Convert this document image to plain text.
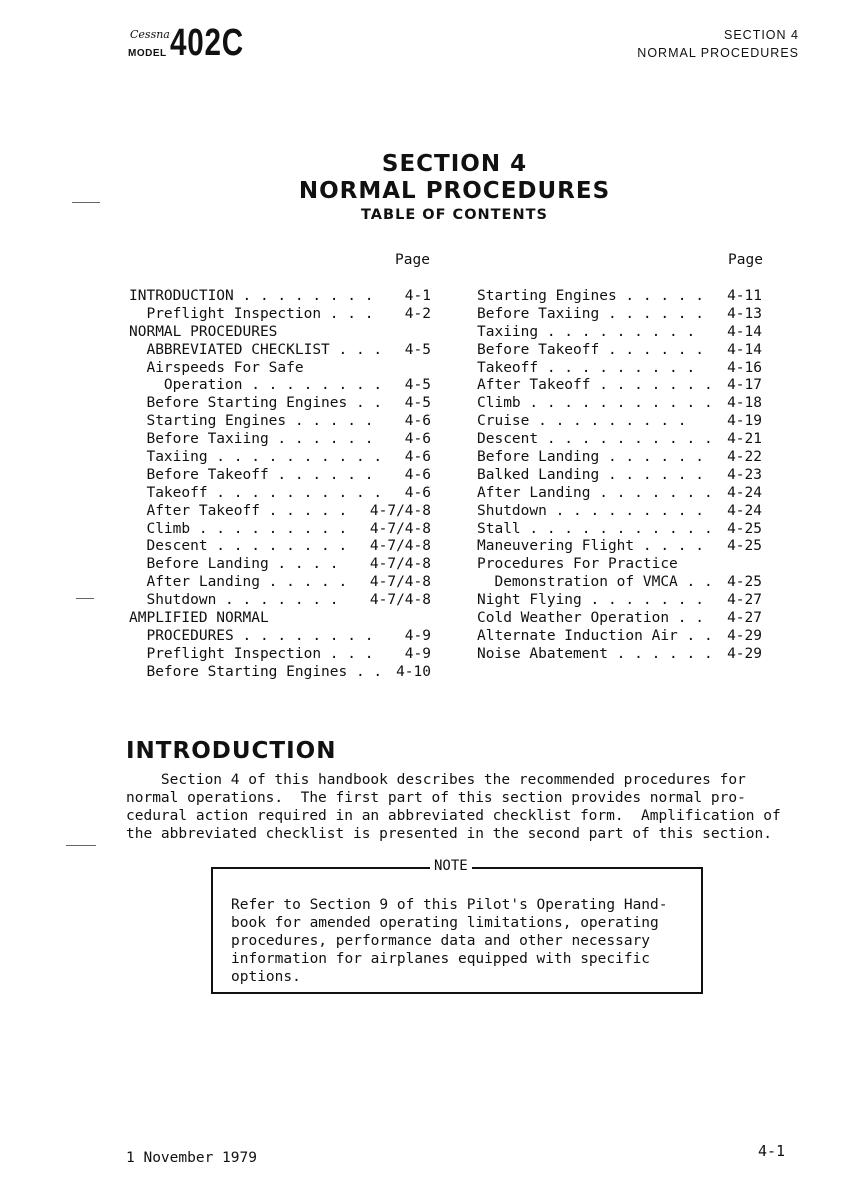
Cessna
MODEL 402C	SECTION 4
NORMAL PROCEDURES
SECTION 4
NORMAL PROCEDURES
TABLE OF CONTENTS
Page	Page
INTRODUCTION . . . . . . . . 4-1
Preflight Inspection . . . 4-2
NORMAL PROCEDURES
ABBREVIATED CHECKLIST . . . 4-5
Airspeeds For Safe
Operation . . . . . . . . 4-5
Before Starting Engines . . 4-5
Starting Engines . . . . . 4-6
Before Taxiing . . . . . . 4-6
Taxiing . . . . . . . . . . 4-6
Before Takeoff . . . . . . 4-6
Takeoff . . . . . . . . . . 4-6
After Takeoff . . . . . 4-7/4-8
Climb . . . . . . . . . 4-7/4-8
Descent . . . . . . . . 4-7/4-8
Before Landing . . . . 4-7/4-8
After Landing . . . . . 4-7/4-8
Shutdown . . . . . . . 4-7/4-8
AMPLIFIED NORMAL
PROCEDURES . . . . . . . . 4-9
Preflight Inspection . . . 4-9
Before Starting Engines . . 4-10
Starting Engines . . . . . 4-11
Before Taxiing . . . . . . 4-13
Taxiing . . . . . . . . . 4-14
Before Takeoff . . . . . . 4-14
Takeoff . . . . . . . . . 4-16
After Takeoff . . . . . . . 4-17
Climb . . . . . . . . . . . 4-18
Cruise . . . . . . . . .	4-19
Descent . . . . . . . . . . 4-21
Before Landing . . . . . . 4-22
Balked Landing . . . . . . 4-23
After Landing . . . . . . . 4-24
Shutdown . . . . . . . . . 4-24
Stall . . . . . . . . . . . 4-25
Maneuvering Flight . . . . 4-25
Procedures For Practice
Demonstration of VMCA . . 4-25
Night Flying . . . . . . . 4-27
Cold Weather Operation . . 4-27
Alternate Induction Air . . 4-29
Noise Abatement . . . . . . 4-29
INTRODUCTION
Section 4 of this handbook describes the recommended procedures for
normal operations.  The first part of this section provides normal pro-
cedural action required in an abbreviated checklist form.  Amplification of
the abbreviated checklist is presented in the second part of this section.
NOTE
Refer to Section 9 of this Pilot's Operating Hand-
book for amended operating limitations, operating
procedures, performance data and other necessary
information for airplanes equipped with specific
options.
1 November 1979	4-1
